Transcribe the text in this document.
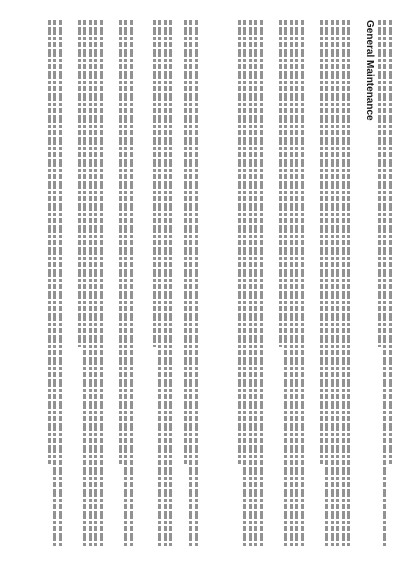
General Maintenance
